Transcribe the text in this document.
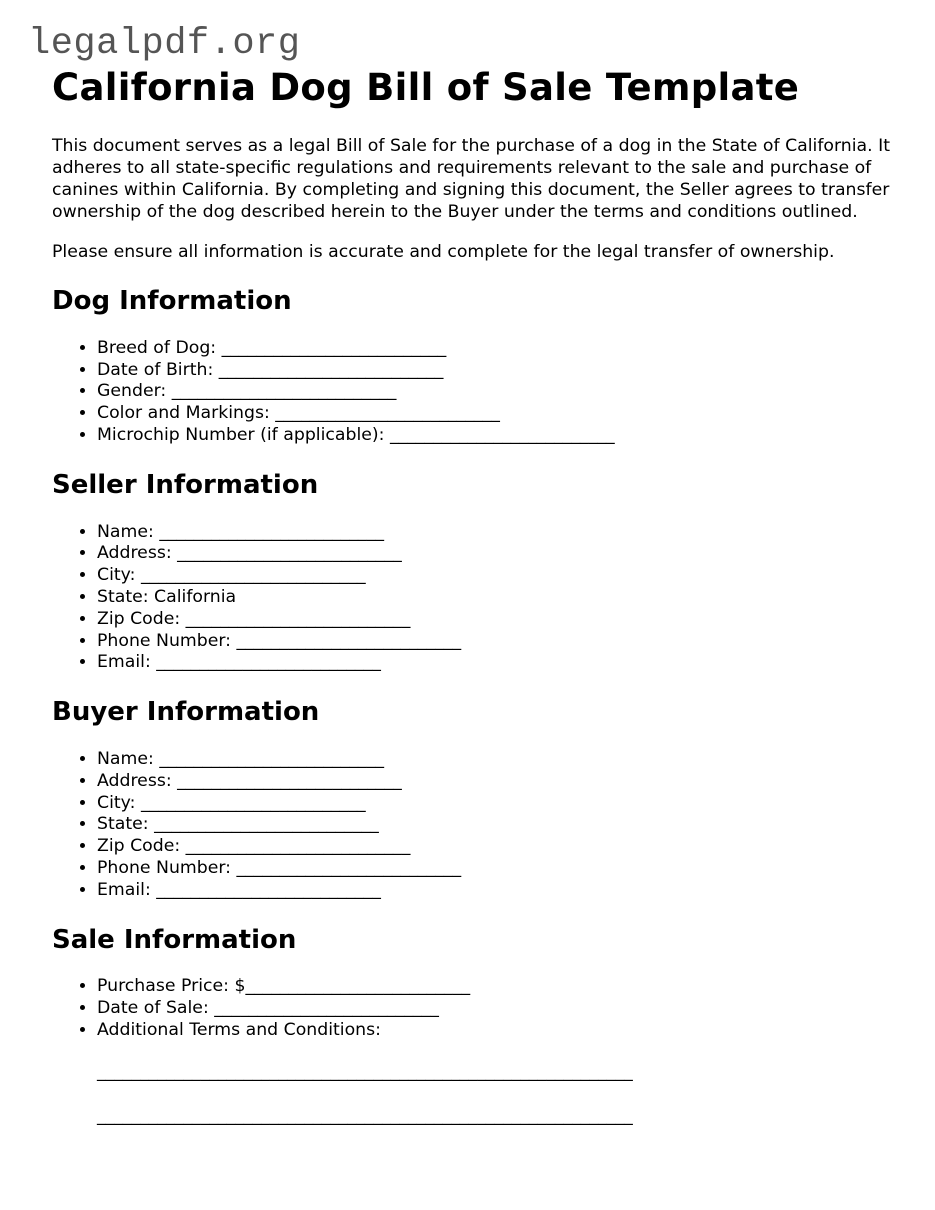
legalpdf.org
California Dog Bill of Sale Template

This document serves as a legal Bill of Sale for the purchase of a dog in the State of California. It adheres to all state-specific regulations and requirements relevant to the sale and purchase of canines within California. By completing and signing this document, the Seller agrees to transfer ownership of the dog described herein to the Buyer under the terms and conditions outlined.

Please ensure all information is accurate and complete for the legal transfer of ownership.

Dog Information
• Breed of Dog: __________________________
• Date of Birth: __________________________
• Gender: __________________________
• Color and Markings: __________________________
• Microchip Number (if applicable): __________________________
Seller Information
• Name: __________________________
• Address: __________________________
• City: __________________________
• State: California
• Zip Code: __________________________
• Phone Number: __________________________
• Email: __________________________
Buyer Information
• Name: __________________________
• Address: __________________________
• City: __________________________
• State: __________________________
• Zip Code: __________________________
• Phone Number: __________________________
• Email: __________________________
Sale Information
• Purchase Price: $__________________________
• Date of Sale: __________________________
• Additional Terms and Conditions:
______________________________________________________________
______________________________________________________________
